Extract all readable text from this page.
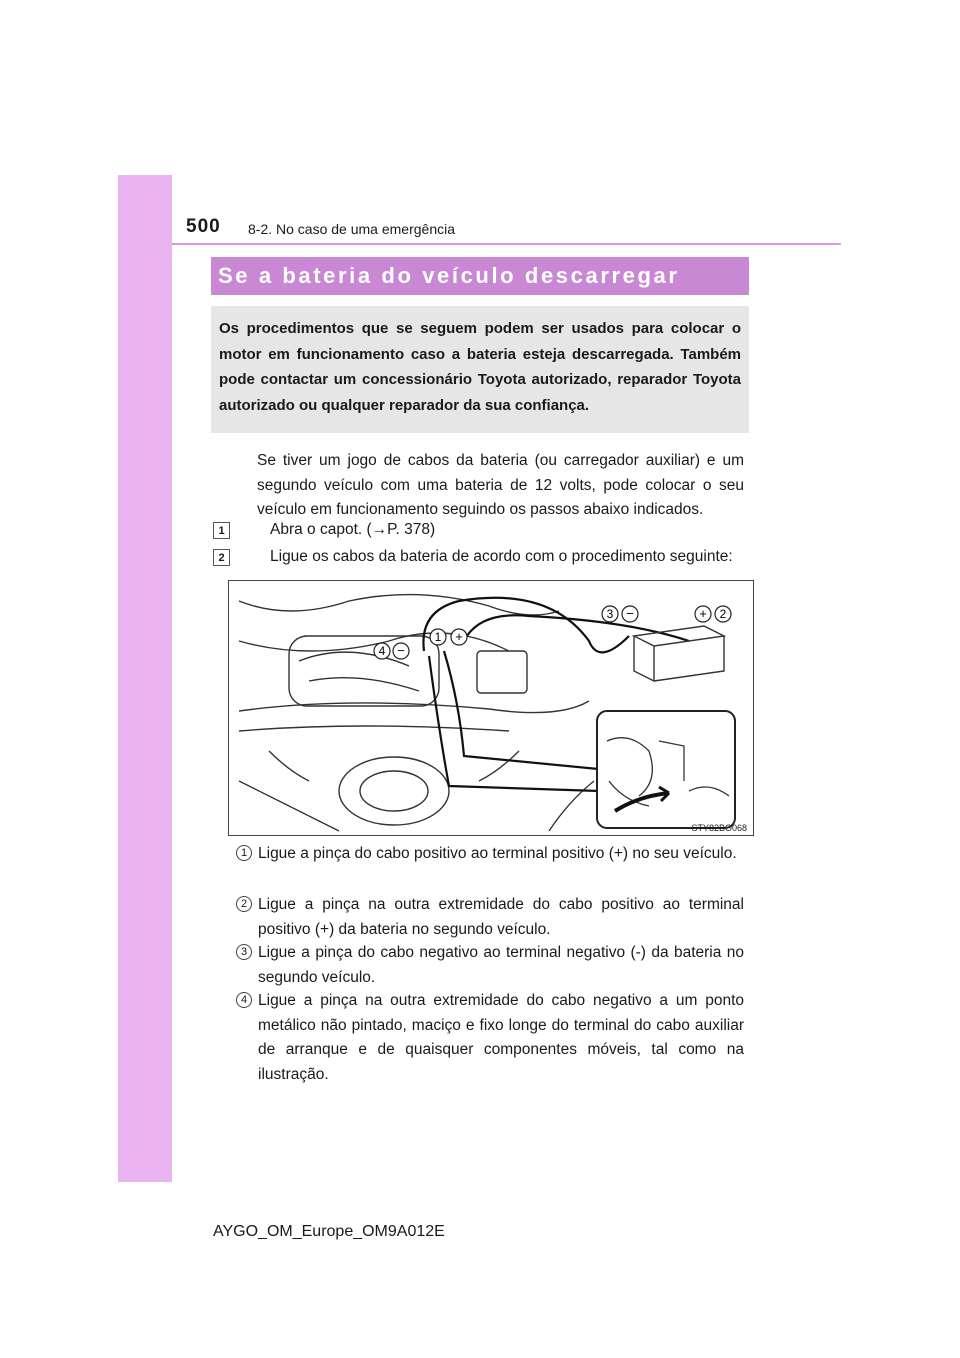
500 8-2. No caso de uma emergência
Se a bateria do veículo descarregar
Os procedimentos que se seguem podem ser usados para colocar o motor em funcionamento caso a bateria esteja descarregada. Também pode contactar um concessionário Toyota autorizado, reparador Toyota autorizado ou qualquer reparador da sua confiança.
Se tiver um jogo de cabos da bateria (ou carregador auxiliar) e um segundo veículo com uma bateria de 12 volts, pode colocar o seu veículo em funcionamento seguindo os passos abaixo indicados.
1	Abra o capot. (→P. 378)
2	Ligue os cabos da bateria de acordo com o procedimento seguinte:
1
2
3
4
+
+
−
−
STY82BO068
1 Ligue a pinça do cabo positivo ao terminal positivo (+) no seu veículo.
2 Ligue a pinça na outra extremidade do cabo positivo ao terminal positivo (+) da bateria no segundo veículo.
3 Ligue a pinça do cabo negativo ao terminal negativo (-) da bateria no segundo veículo.
4 Ligue a pinça na outra extremidade do cabo negativo a um ponto metálico não pintado, maciço e fixo longe do terminal do cabo auxiliar de arranque e de quaisquer componentes móveis, tal como na ilustração.
AYGO_OM_Europe_OM9A012E
